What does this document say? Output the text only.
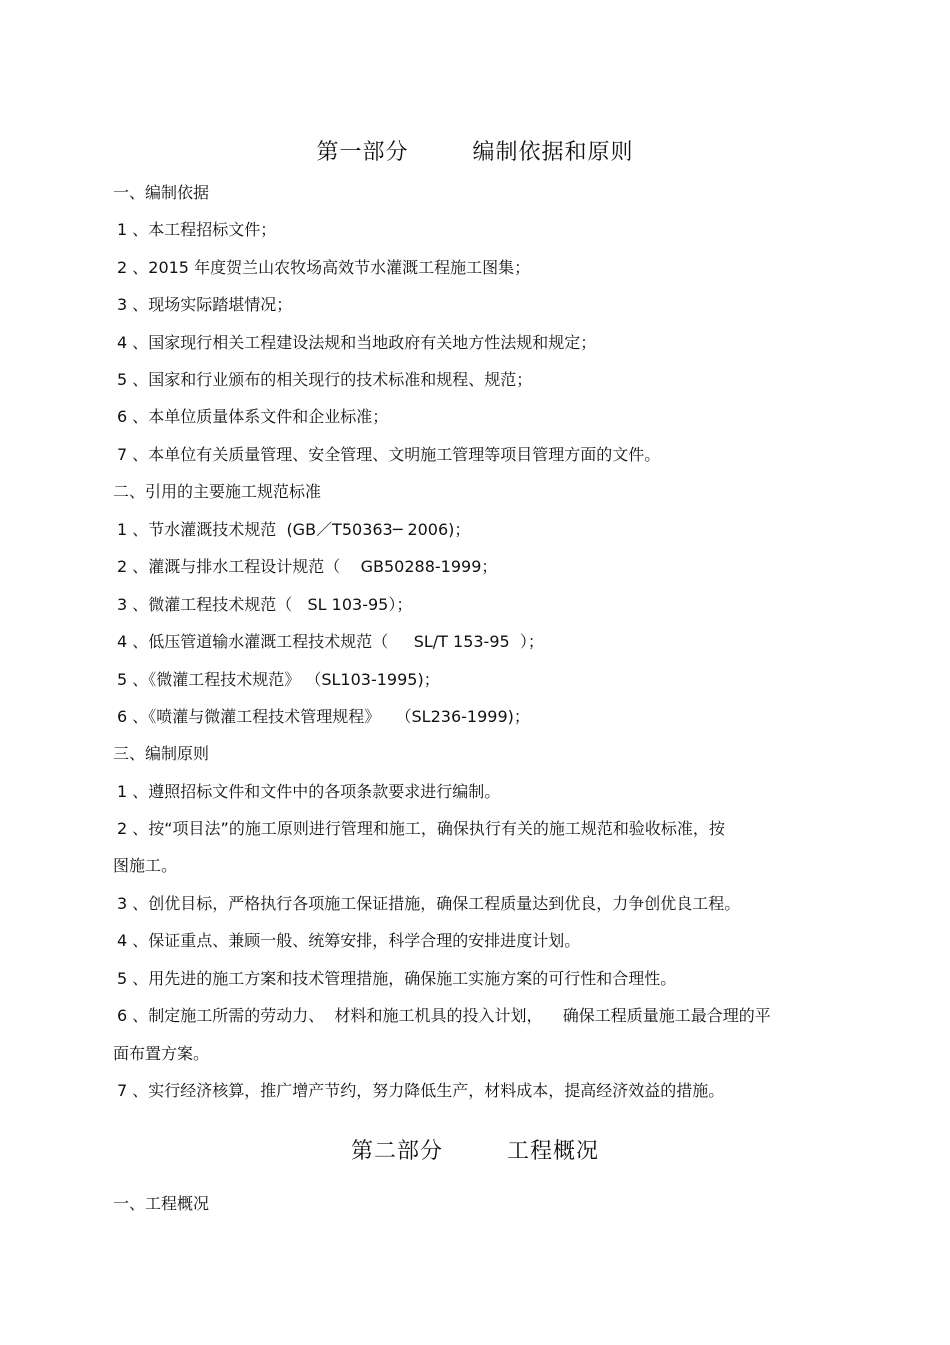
第一部分        编制依据和原则
一、编制依据
1 、本工程招标文件；
2 、2015 年度贺兰山农牧场高效节水灌溉工程施工图集；
3 、现场实际踏堪情况；
4 、国家现行相关工程建设法规和当地政府有关地方性法规和规定；
5 、国家和行业颁布的相关现行的技术标准和规程、规范；
6 、本单位质量体系文件和企业标准；
7 、本单位有关质量管理、安全管理、文明施工管理等项目管理方面的文件。
二、引用的主要施工规范标准
1 、节水灌溉技术规范  (GB／T50363─ 2006)；
2 、灌溉与排水工程设计规范（    GB50288-1999；
3 、微灌工程技术规范（   SL 103-95）；
4 、低压管道输水灌溉工程技术规范（     SL/T 153-95  ）；
5 、《微灌工程技术规范》 （SL103-1995)；
6 、《喷灌与微灌工程技术管理规程》   （SL236-1999)；
三、编制原则
1 、遵照招标文件和文件中的各项条款要求进行编制。
2 、按“项目法”的施工原则进行管理和施工，确保执行有关的施工规范和验收标准，按
图施工。
3 、创优目标，严格执行各项施工保证措施，确保工程质量达到优良，力争创优良工程。
4 、保证重点、兼顾一般、统筹安排，科学合理的安排进度计划。
5 、用先进的施工方案和技术管理措施，确保施工实施方案的可行性和合理性。
6 、制定施工所需的劳动力、  材料和施工机具的投入计划，    确保工程质量施工最合理的平
面布置方案。
7 、实行经济核算，推广增产节约，努力降低生产，材料成本，提高经济效益的措施。
第二部分        工程概况
一、工程概况
